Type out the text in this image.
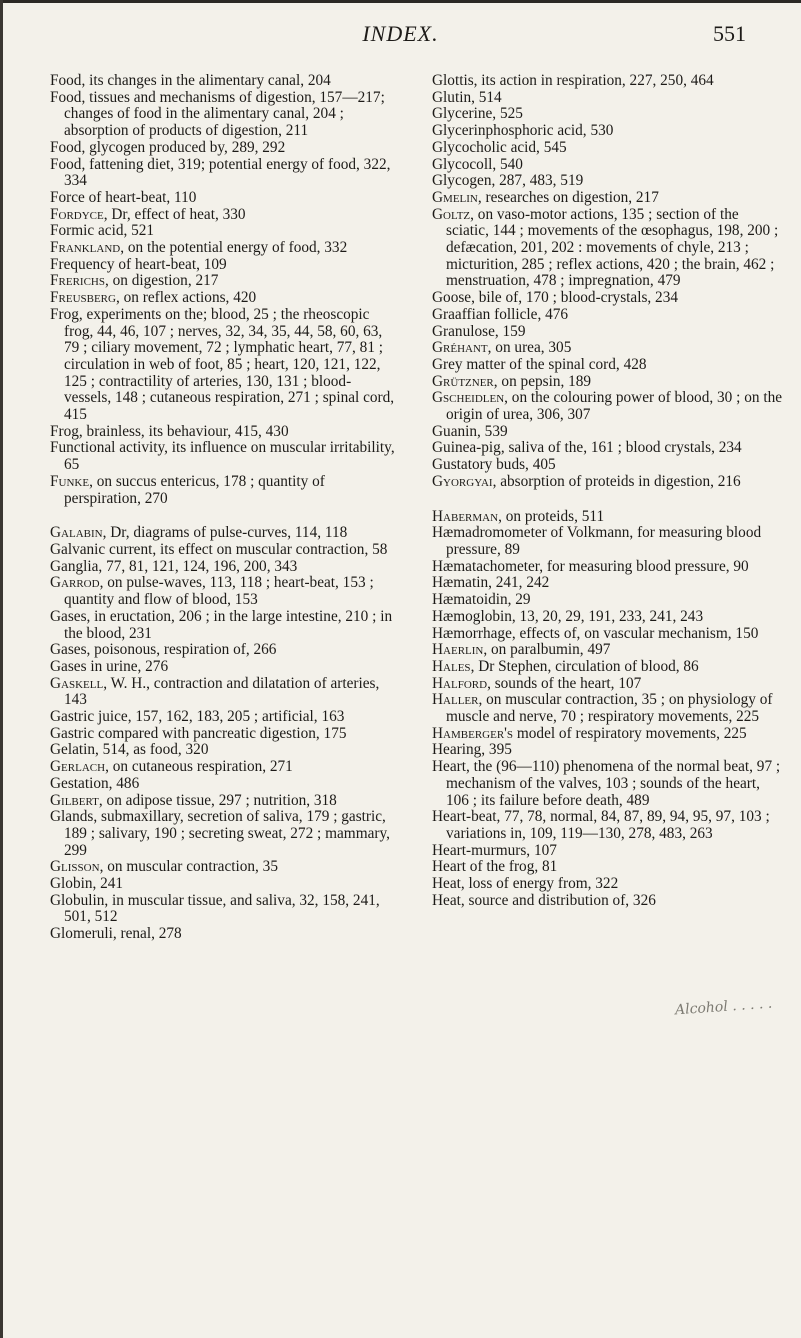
INDEX.	551

Food, its changes in the alimentary canal, 204

Food, tissues and mechanisms of digestion, 157—217; changes of food in the alimentary canal, 204 ; absorption of products of digestion, 211

Food, glycogen produced by, 289, 292

Food, fattening diet, 319; potential energy of food, 322, 334

Force of heart-beat, 110

Fordyce, Dr, effect of heat, 330

Formic acid, 521

Frankland, on the potential energy of food, 332

Frequency of heart-beat, 109

Frerichs, on digestion, 217

Freusberg, on reflex actions, 420

Frog, experiments on the; blood, 25 ; the rheoscopic frog, 44, 46, 107 ; nerves, 32, 34, 35, 44, 58, 60, 63, 79 ; ciliary movement, 72 ; lymphatic heart, 77, 81 ; circulation in web of foot, 85 ; heart, 120, 121, 122, 125 ; contractility of arteries, 130, 131 ; blood-vessels, 148 ; cutaneous respiration, 271 ; spinal cord, 415

Frog, brainless, its behaviour, 415, 430

Functional activity, its influence on muscular irritability, 65

Funke, on succus entericus, 178 ; quantity of perspiration, 270

Galabin, Dr, diagrams of pulse-curves, 114, 118

Galvanic current, its effect on muscular contraction, 58

Ganglia, 77, 81, 121, 124, 196, 200, 343

Garrod, on pulse-waves, 113, 118 ; heart-beat, 153 ; quantity and flow of blood, 153

Gases, in eructation, 206 ; in the large intestine, 210 ; in the blood, 231

Gases, poisonous, respiration of, 266

Gases in urine, 276

Gaskell, W. H., contraction and dilatation of arteries, 143

Gastric juice, 157, 162, 183, 205 ; artificial, 163

Gastric compared with pancreatic digestion, 175

Gelatin, 514, as food, 320

Gerlach, on cutaneous respiration, 271

Gestation, 486

Gilbert, on adipose tissue, 297 ; nutrition, 318

Glands, submaxillary, secretion of saliva, 179 ; gastric, 189 ; salivary, 190 ; secreting sweat, 272 ; mammary, 299

Glisson, on muscular contraction, 35

Globin, 241

Globulin, in muscular tissue, and saliva, 32, 158, 241, 501, 512

Glomeruli, renal, 278

Glottis, its action in respiration, 227, 250, 464

Glutin, 514

Glycerine, 525

Glycerinphosphoric acid, 530

Glycocholic acid, 545

Glycocoll, 540

Glycogen, 287, 483, 519

Gmelin, researches on digestion, 217

Goltz, on vaso-motor actions, 135 ; section of the sciatic, 144 ; movements of the œsophagus, 198, 200 ; defæcation, 201, 202 : movements of chyle, 213 ; micturition, 285 ; reflex actions, 420 ; the brain, 462 ; menstruation, 478 ; impregnation, 479

Goose, bile of, 170 ; blood-crystals, 234

Graaffian follicle, 476

Granulose, 159

Gréhant, on urea, 305

Grey matter of the spinal cord, 428

Grützner, on pepsin, 189

Gscheidlen, on the colouring power of blood, 30 ; on the origin of urea, 306, 307

Guanin, 539

Guinea-pig, saliva of the, 161 ; blood crystals, 234

Gustatory buds, 405

Gyorgyai, absorption of proteids in digestion, 216

Haberman, on proteids, 511

Hæmadromometer of Volkmann, for measuring blood pressure, 89

Hæmatachometer, for measuring blood pressure, 90

Hæmatin, 241, 242

Hæmatoidin, 29

Hæmoglobin, 13, 20, 29, 191, 233, 241, 243

Hæmorrhage, effects of, on vascular mechanism, 150

Haerlin, on paralbumin, 497

Hales, Dr Stephen, circulation of blood, 86

Halford, sounds of the heart, 107

Haller, on muscular contraction, 35 ; on physiology of muscle and nerve, 70 ; respiratory movements, 225

Hamberger's model of respiratory movements, 225

Hearing, 395

Heart, the (96—110) phenomena of the normal beat, 97 ; mechanism of the valves, 103 ; sounds of the heart, 106 ; its failure before death, 489

Heart-beat, 77, 78, normal, 84, 87, 89, 94, 95, 97, 103 ; variations in, 109, 119—130, 278, 483, 263

Heart-murmurs, 107

Heart of the frog, 81

Heat, loss of energy from, 322

Heat, source and distribution of, 326

Alcohol . . . . .
